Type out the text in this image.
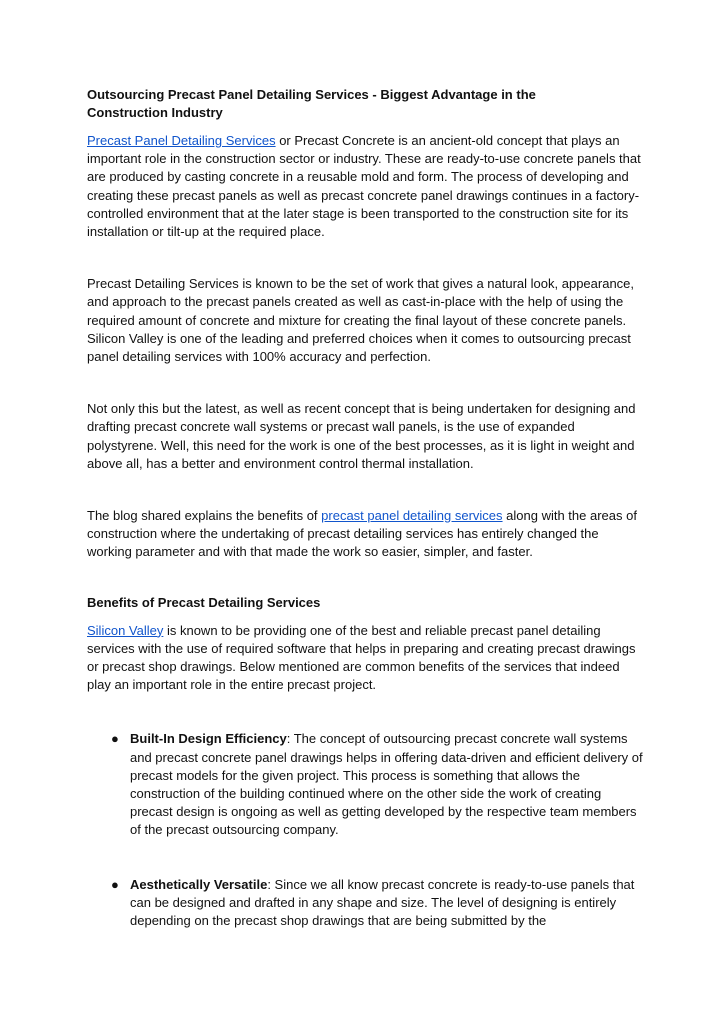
Outsourcing Precast Panel Detailing Services - Biggest Advantage in the
Construction Industry

Precast Panel Detailing Services or Precast Concrete is an ancient-old concept that plays an important role in the construction sector or industry. These are ready-to-use concrete panels that are produced by casting concrete in a reusable mold and form. The process of developing and creating these precast panels as well as precast concrete panel drawings continues in a factory-controlled environment that at the later stage is been transported to the construction site for its installation or tilt-up at the required place.

Precast Detailing Services is known to be the set of work that gives a natural look, appearance, and approach to the precast panels created as well as cast-in-place with the help of using the required amount of concrete and mixture for creating the final layout of these concrete panels. Silicon Valley is one of the leading and preferred choices when it comes to outsourcing precast panel detailing services with 100% accuracy and perfection.

Not only this but the latest, as well as recent concept that is being undertaken for designing and drafting precast concrete wall systems or precast wall panels, is the use of expanded polystyrene. Well, this need for the work is one of the best processes, as it is light in weight and above all, has a better and environment control thermal installation.

The blog shared explains the benefits of precast panel detailing services along with the areas of construction where the undertaking of precast detailing services has entirely changed the working parameter and with that made the work so easier, simpler, and faster.

Benefits of Precast Detailing Services

Silicon Valley is known to be providing one of the best and reliable precast panel detailing services with the use of required software that helps in preparing and creating precast drawings or precast shop drawings. Below mentioned are common benefits of the services that indeed play an important role in the entire precast project.

● Built-In Design Efficiency: The concept of outsourcing precast concrete wall systems and precast concrete panel drawings helps in offering data-driven and efficient delivery of precast models for the given project. This process is something that allows the construction of the building continued where on the other side the work of creating precast design is ongoing as well as getting developed by the respective team members of the precast outsourcing company.
● Aesthetically Versatile: Since we all know precast concrete is ready-to-use panels that can be designed and drafted in any shape and size. The level of designing is entirely depending on the precast shop drawings that are being submitted by the
